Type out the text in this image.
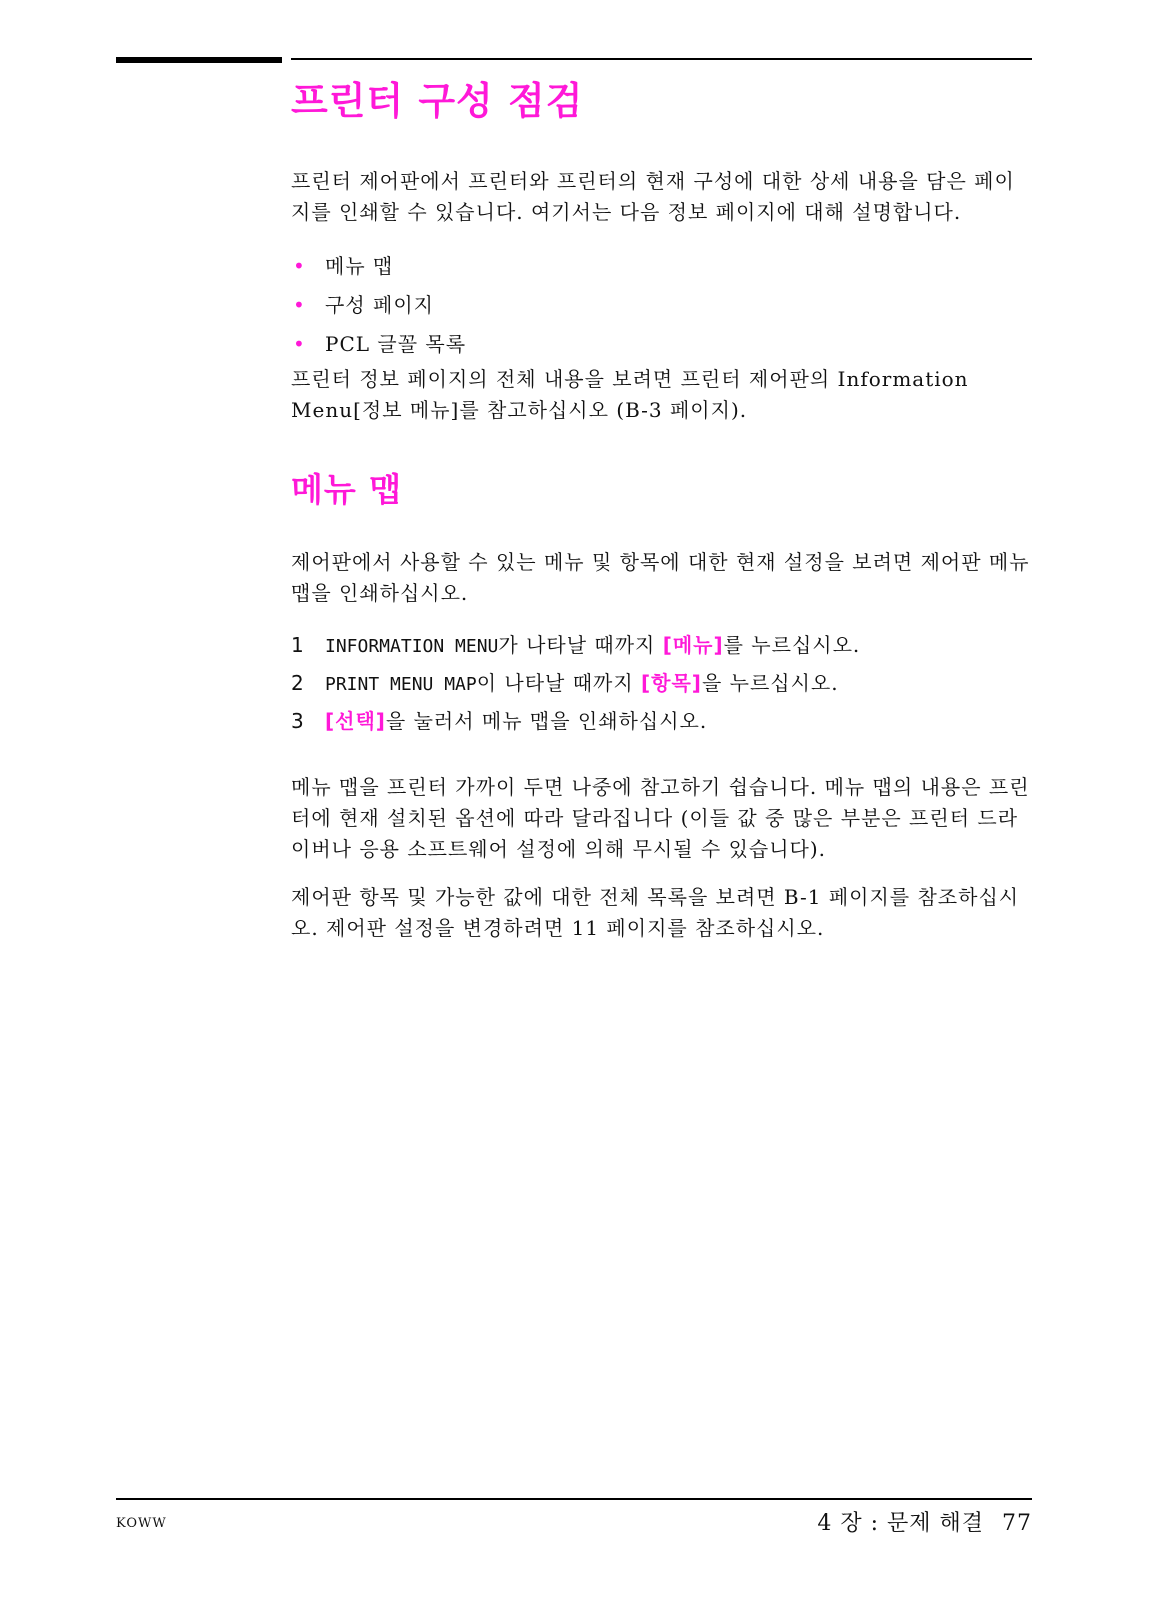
프린터 구성 점검

프린터 제어판에서 프린터와 프린터의 현재 구성에 대한 상세 내용을 담은 페이지를 인쇄할 수 있습니다. 여기서는 다음 정보 페이지에 대해 설명합니다.

• 메뉴 맵
• 구성 페이지
• PCL 글꼴 목록

프린터 정보 페이지의 전체 내용을 보려면 프린터 제어판의 Information Menu[정보 메뉴]를 참고하십시오 (B-3 페이지).

메뉴 맵

제어판에서 사용할 수 있는 메뉴 및 항목에 대한 현재 설정을 보려면 제어판 메뉴 맵을 인쇄하십시오.

1 INFORMATION MENU가 나타날 때까지 [메뉴]를 누르십시오.
2 PRINT MENU MAP이 나타날 때까지 [항목]을 누르십시오.
3 [선택]을 눌러서 메뉴 맵을 인쇄하십시오.

메뉴 맵을 프린터 가까이 두면 나중에 참고하기 쉽습니다. 메뉴 맵의 내용은 프린터에 현재 설치된 옵션에 따라 달라집니다 (이들 값 중 많은 부분은 프린터 드라이버나 응용 소프트웨어 설정에 의해 무시될 수 있습니다).

제어판 항목 및 가능한 값에 대한 전체 목록을 보려면 B-1 페이지를 참조하십시오. 제어판 설정을 변경하려면 11 페이지를 참조하십시오.

KOWW	4 장 : 문제 해결 77
